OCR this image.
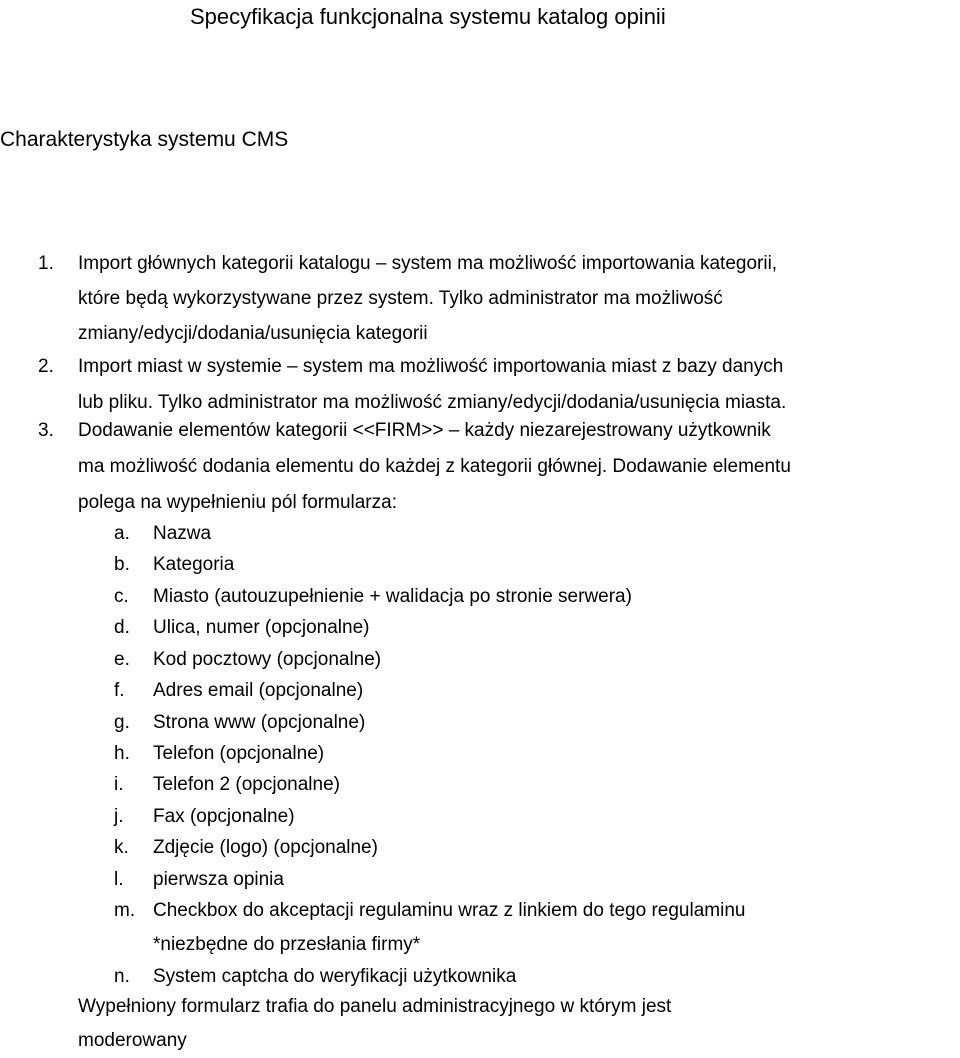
Specyfikacja funkcjonalna systemu katalog opinii
Charakterystyka systemu CMS
1. Import głównych kategorii katalogu – system ma możliwość importowania kategorii,
które będą wykorzystywane przez system. Tylko administrator ma możliwość
zmiany/edycji/dodania/usunięcia kategorii
2. Import miast w systemie – system ma możliwość importowania miast z bazy danych
lub pliku. Tylko administrator ma możliwość zmiany/edycji/dodania/usunięcia miasta.
3. Dodawanie elementów kategorii <<FIRM>> – każdy niezarejestrowany użytkownik
ma możliwość dodania elementu do każdej z kategorii głównej. Dodawanie elementu
polega na wypełnieniu pól formularza:
a. Nazwa
b. Kategoria
c. Miasto (autouzupełnienie + walidacja po stronie serwera)
d. Ulica, numer (opcjonalne)
e. Kod pocztowy (opcjonalne)
f. Adres email (opcjonalne)
g. Strona www (opcjonalne)
h. Telefon (opcjonalne)
i. Telefon 2 (opcjonalne)
j. Fax (opcjonalne)
k. Zdjęcie (logo) (opcjonalne)
l. pierwsza opinia
m. Checkbox do akceptacji regulaminu wraz z linkiem do tego regulaminu
*niezbędne do przesłania firmy*
n. System captcha do weryfikacji użytkownika
Wypełniony formularz trafia do panelu administracyjnego w którym jest
moderowany
